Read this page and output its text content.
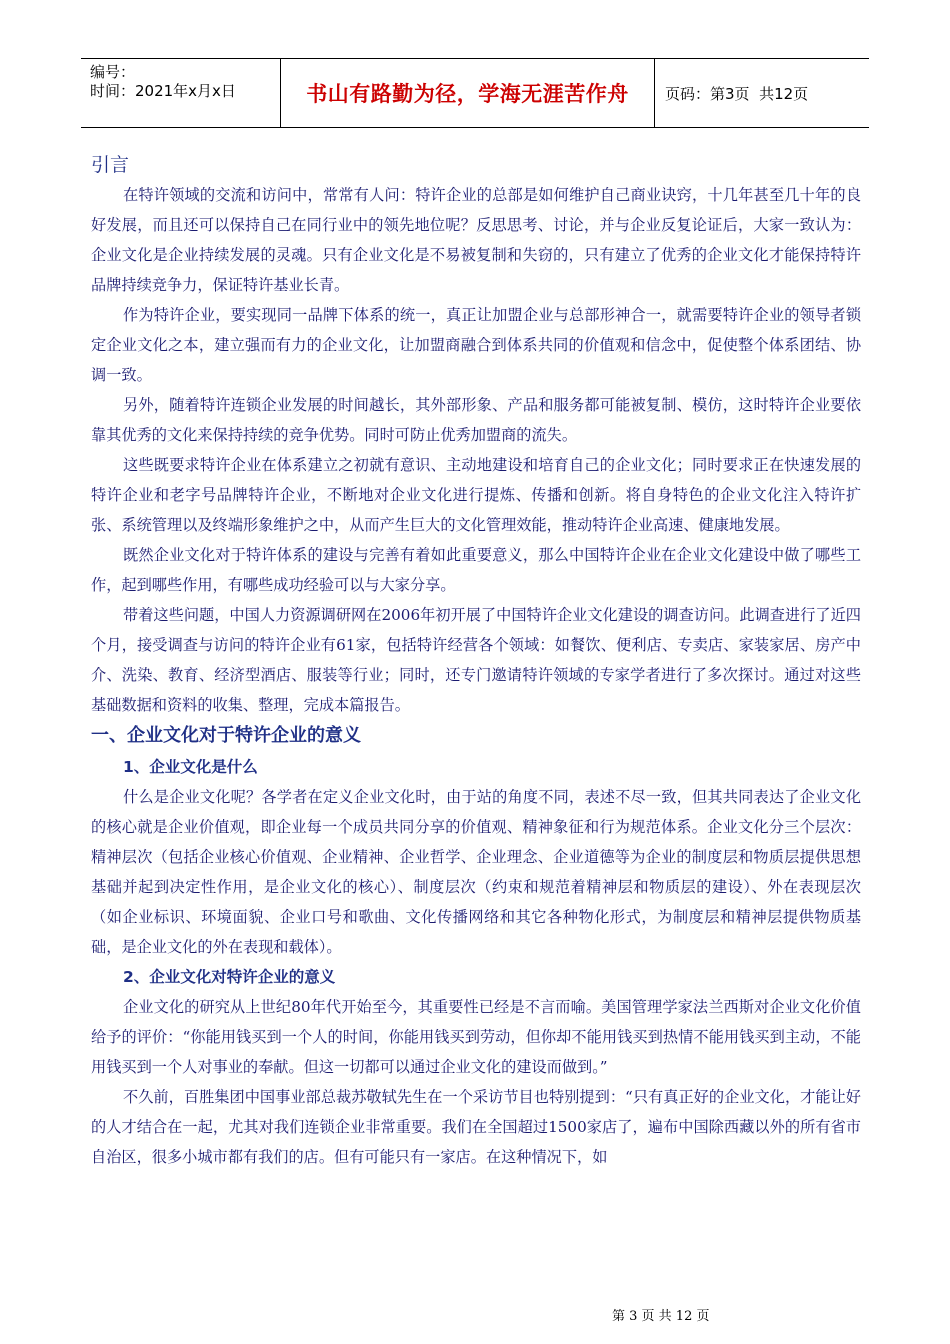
编号：
时间：2021年x月x日	书山有路勤为径，学海无涯苦作舟 页码：第3页  共12页
引言

在特许领域的交流和访问中，常常有人问：特许企业的总部是如何维护自己商业诀窍，十几年甚至几十年的良好发展，而且还可以保持自己在同行业中的领先地位呢？反思思考、讨论，并与企业反复论证后，大家一致认为：企业文化是企业持续发展的灵魂。只有企业文化是不易被复制和失窃的，只有建立了优秀的企业文化才能保持特许品牌持续竞争力，保证特许基业长青。

作为特许企业，要实现同一品牌下体系的统一，真正让加盟企业与总部形神合一，就需要特许企业的领导者锁定企业文化之本，建立强而有力的企业文化，让加盟商融合到体系共同的价值观和信念中，促使整个体系团结、协调一致。

另外，随着特许连锁企业发展的时间越长，其外部形象、产品和服务都可能被复制、模仿，这时特许企业要依靠其优秀的文化来保持持续的竞争优势。同时可防止优秀加盟商的流失。

这些既要求特许企业在体系建立之初就有意识、主动地建设和培育自己的企业文化；同时要求正在快速发展的特许企业和老字号品牌特许企业，不断地对企业文化进行提炼、传播和创新。将自身特色的企业文化注入特许扩张、系统管理以及终端形象维护之中，从而产生巨大的文化管理效能，推动特许企业高速、健康地发展。

既然企业文化对于特许体系的建设与完善有着如此重要意义，那么中国特许企业在企业文化建设中做了哪些工作，起到哪些作用，有哪些成功经验可以与大家分享。

带着这些问题，中国人力资源调研网在2006年初开展了中国特许企业文化建设的调查访问。此调查进行了近四个月，接受调查与访问的特许企业有61家，包括特许经营各个领域：如餐饮、便利店、专卖店、家装家居、房产中介、洗染、教育、经济型酒店、服装等行业；同时，还专门邀请特许领域的专家学者进行了多次探讨。通过对这些基础数据和资料的收集、整理，完成本篇报告。

一、企业文化对于特许企业的意义
1、企业文化是什么

什么是企业文化呢？各学者在定义企业文化时，由于站的角度不同，表述不尽一致，但其共同表达了企业文化的核心就是企业价值观，即企业每一个成员共同分享的价值观、精神象征和行为规范体系。企业文化分三个层次：精神层次（包括企业核心价值观、企业精神、企业哲学、企业理念、企业道德等为企业的制度层和物质层提供思想基础并起到决定性作用，是企业文化的核心）、制度层次（约束和规范着精神层和物质层的建设）、外在表现层次（如企业标识、环境面貌、企业口号和歌曲、文化传播网络和其它各种物化形式，为制度层和精神层提供物质基础，是企业文化的外在表现和载体）。

2、企业文化对特许企业的意义

企业文化的研究从上世纪80年代开始至今，其重要性已经是不言而喻。美国管理学家法兰西斯对企业文化价值给予的评价：“你能用钱买到一个人的时间，你能用钱买到劳动，但你却不能用钱买到热情不能用钱买到主动，不能用钱买到一个人对事业的奉献。但这一切都可以通过企业文化的建设而做到。”

不久前，百胜集团中国事业部总裁苏敬轼先生在一个采访节目也特别提到：“只有真正好的企业文化，才能让好的人才结合在一起，尤其对我们连锁企业非常重要。我们在全国超过1500家店了，遍布中国除西藏以外的所有省市自治区，很多小城市都有我们的店。但有可能只有一家店。在这种情况下，如

第 3 页 共 12 页
